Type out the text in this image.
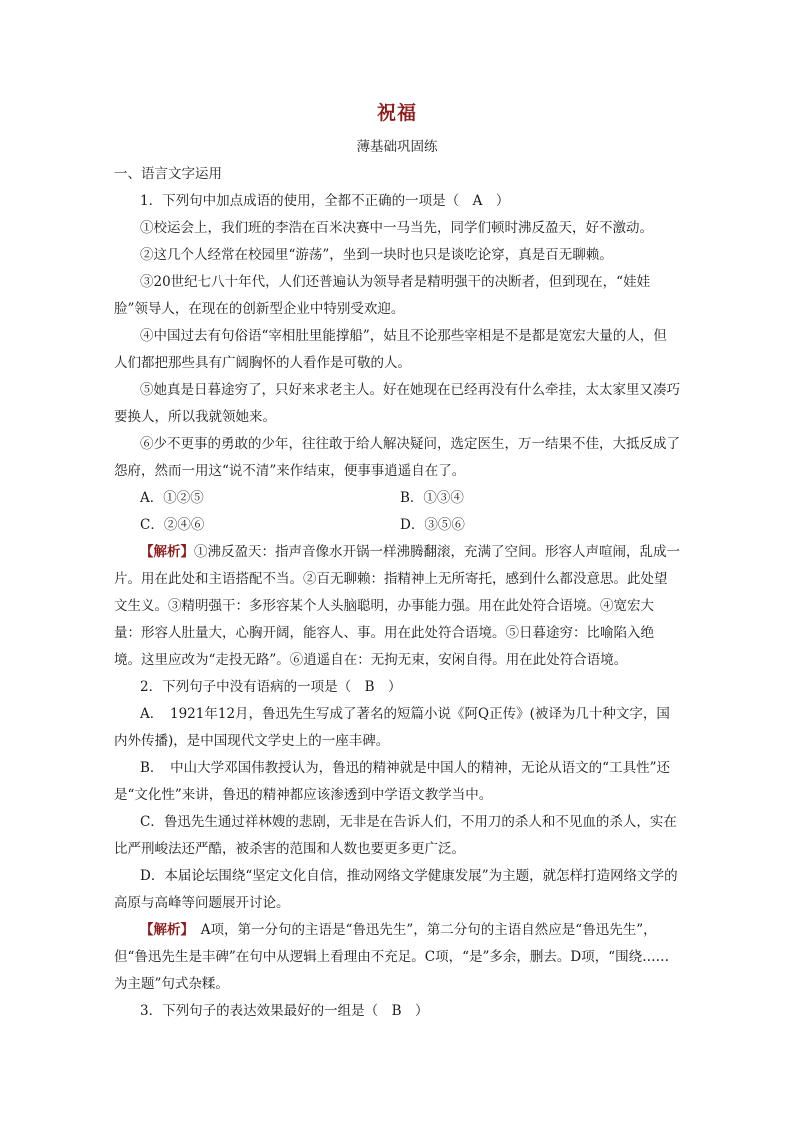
祝福
薄基础巩固练

一、语言文字运用

1．下列句中加点成语的使用，全都不正确的一项是（　A　）

①校运会上，我们班的李浩在百米决赛中一马当先，同学们顿时沸反盈天，好不激动。

②这几个人经常在校园里“游荡”，坐到一块时也只是谈吃论穿，真是百无聊赖。

③20世纪七八十年代，人们还普遍认为领导者是精明强干的决断者，但到现在，“娃娃脸”领导人，在现在的创新型企业中特别受欢迎。

④中国过去有句俗语“宰相肚里能撑船”，姑且不论那些宰相是不是都是宽宏大量的人，但人们都把那些具有广阔胸怀的人看作是可敬的人。

⑤她真是日暮途穷了，只好来求老主人。好在她现在已经再没有什么牵挂，太太家里又凑巧要换人，所以我就领她来。

⑥少不更事的勇敢的少年，往往敢于给人解决疑问，选定医生，万一结果不佳，大抵反成了怨府，然而一用这“说不清”来作结束，便事事逍遥自在了。

A．①②⑤	B．①③④
C．②④⑥	D．③⑤⑥

【解析】①沸反盈天：指声音像水开锅一样沸腾翻滚，充满了空间。形容人声喧闹，乱成一片。用在此处和主语搭配不当。②百无聊赖：指精神上无所寄托，感到什么都没意思。此处望文生义。③精明强干：多形容某个人头脑聪明，办事能力强。用在此处符合语境。④宽宏大量：形容人肚量大，心胸开阔，能容人、事。用在此处符合语境。⑤日暮途穷：比喻陷入绝境。这里应改为“走投无路”。⑥逍遥自在：无拘无束，安闲自得。用在此处符合语境。

2．下列句子中没有语病的一项是（　B　）

A．　1921年12月，鲁迅先生写成了著名的短篇小说《阿Q正传》(被译为几十种文字，国内外传播)，是中国现代文学史上的一座丰碑。

B．　中山大学邓国伟教授认为，鲁迅的精神就是中国人的精神，无论从语文的“工具性”还是“文化性”来讲，鲁迅的精神都应该渗透到中学语文教学当中。

C．鲁迅先生通过祥林嫂的悲剧，无非是在告诉人们，不用刀的杀人和不见血的杀人，实在比严刑峻法还严酷，被杀害的范围和人数也要更多更广泛。

D．本届论坛围绕“坚定文化自信，推动网络文学健康发展”为主题，就怎样打造网络文学的高原与高峰等问题展开讨论。

【解析】　A项，第一分句的主语是“鲁迅先生”，第二分句的主语自然应是“鲁迅先生”，但“鲁迅先生是丰碑”在句中从逻辑上看理由不充足。C项，“是”多余，删去。D项，“围绕……为主题”句式杂糅。

3．下列句子的表达效果最好的一组是（　B　）
